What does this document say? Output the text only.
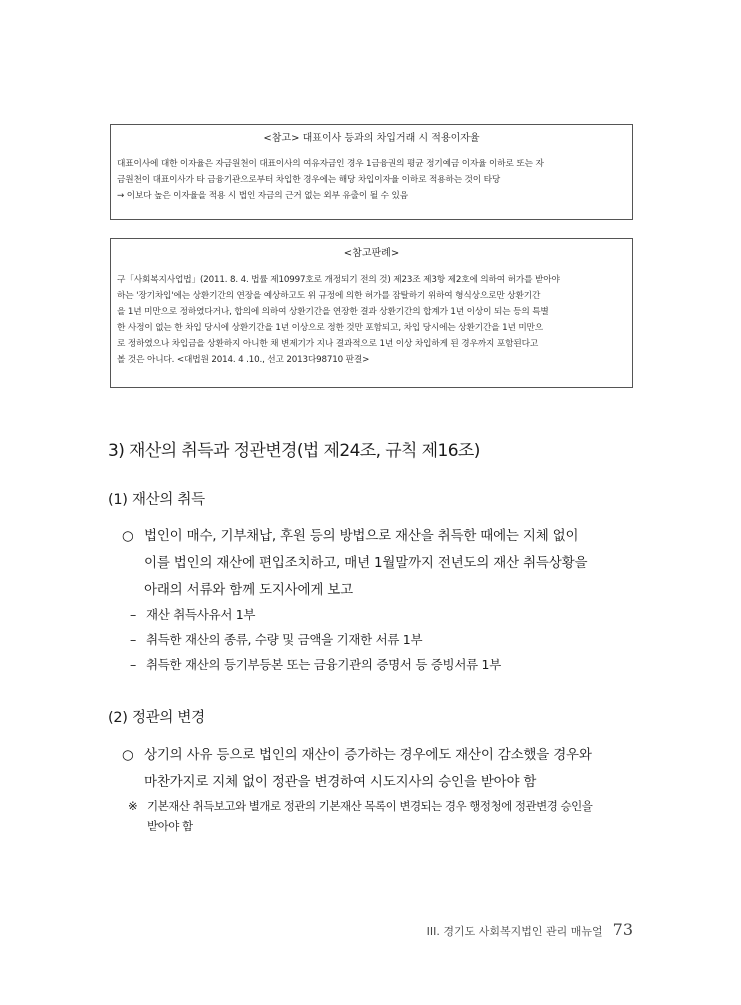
<참고> 대표이사 등과의 차입거래 시 적용이자율
대표이사에 대한 이자율은 자금원천이 대표이사의 여유자금인 경우 1금융권의 평균 정기예금 이자율 이하로 또는 자
금원천이 대표이사가 타 금융기관으로부터 차입한 경우에는 해당 차입이자율 이하로 적용하는 것이 타당
→ 이보다 높은 이자율을 적용 시 법인 자금의 근거 없는 외부 유출이 될 수 있음
<참고판례>
구「사회복지사업법」(2011. 8. 4. 법률 제10997호로 개정되기 전의 것) 제23조 제3항 제2호에 의하여 허가를 받아야
하는 '장기차입'에는 상환기간의 연장을 예상하고도 위 규정에 의한 허가를 잠탈하기 위하여 형식상으로만 상환기간
을 1년 미만으로 정하였다거나, 합의에 의하여 상환기간을 연장한 결과 상환기간의 합계가 1년 이상이 되는 등의 특별
한 사정이 없는 한 차입 당시에 상환기간을 1년 이상으로 정한 것만 포함되고, 차입 당시에는 상환기간을 1년 미만으
로 정하였으나 차입금을 상환하지 아니한 채 변제기가 지나 결과적으로 1년 이상 차입하게 된 경우까지 포함된다고
볼 것은 아니다. <대법원 2014. 4 .10., 선고 2013다98710 판결>
3) 재산의 취득과 정관변경(법 제24조, 규칙 제16조)
(1) 재산의 취득
○ 법인이 매수, 기부채납, 후원 등의 방법으로 재산을 취득한 때에는 지체 없이
이를 법인의 재산에 편입조치하고, 매년 1월말까지 전년도의 재산 취득상황을
아래의 서류와 함께 도지사에게 보고
– 재산 취득사유서 1부
– 취득한 재산의 종류, 수량 및 금액을 기재한 서류 1부
– 취득한 재산의 등기부등본 또는 금융기관의 증명서 등 증빙서류 1부
(2) 정관의 변경
○ 상기의 사유 등으로 법인의 재산이 증가하는 경우에도 재산이 감소했을 경우와
마찬가지로 지체 없이 정관을 변경하여 시도지사의 승인을 받아야 함
※ 기본재산 취득보고와 별개로 정관의 기본재산 목록이 변경되는 경우 행정청에 정관변경 승인을
받아야 함
III. 경기도 사회복지법인 관리 매뉴얼 73
